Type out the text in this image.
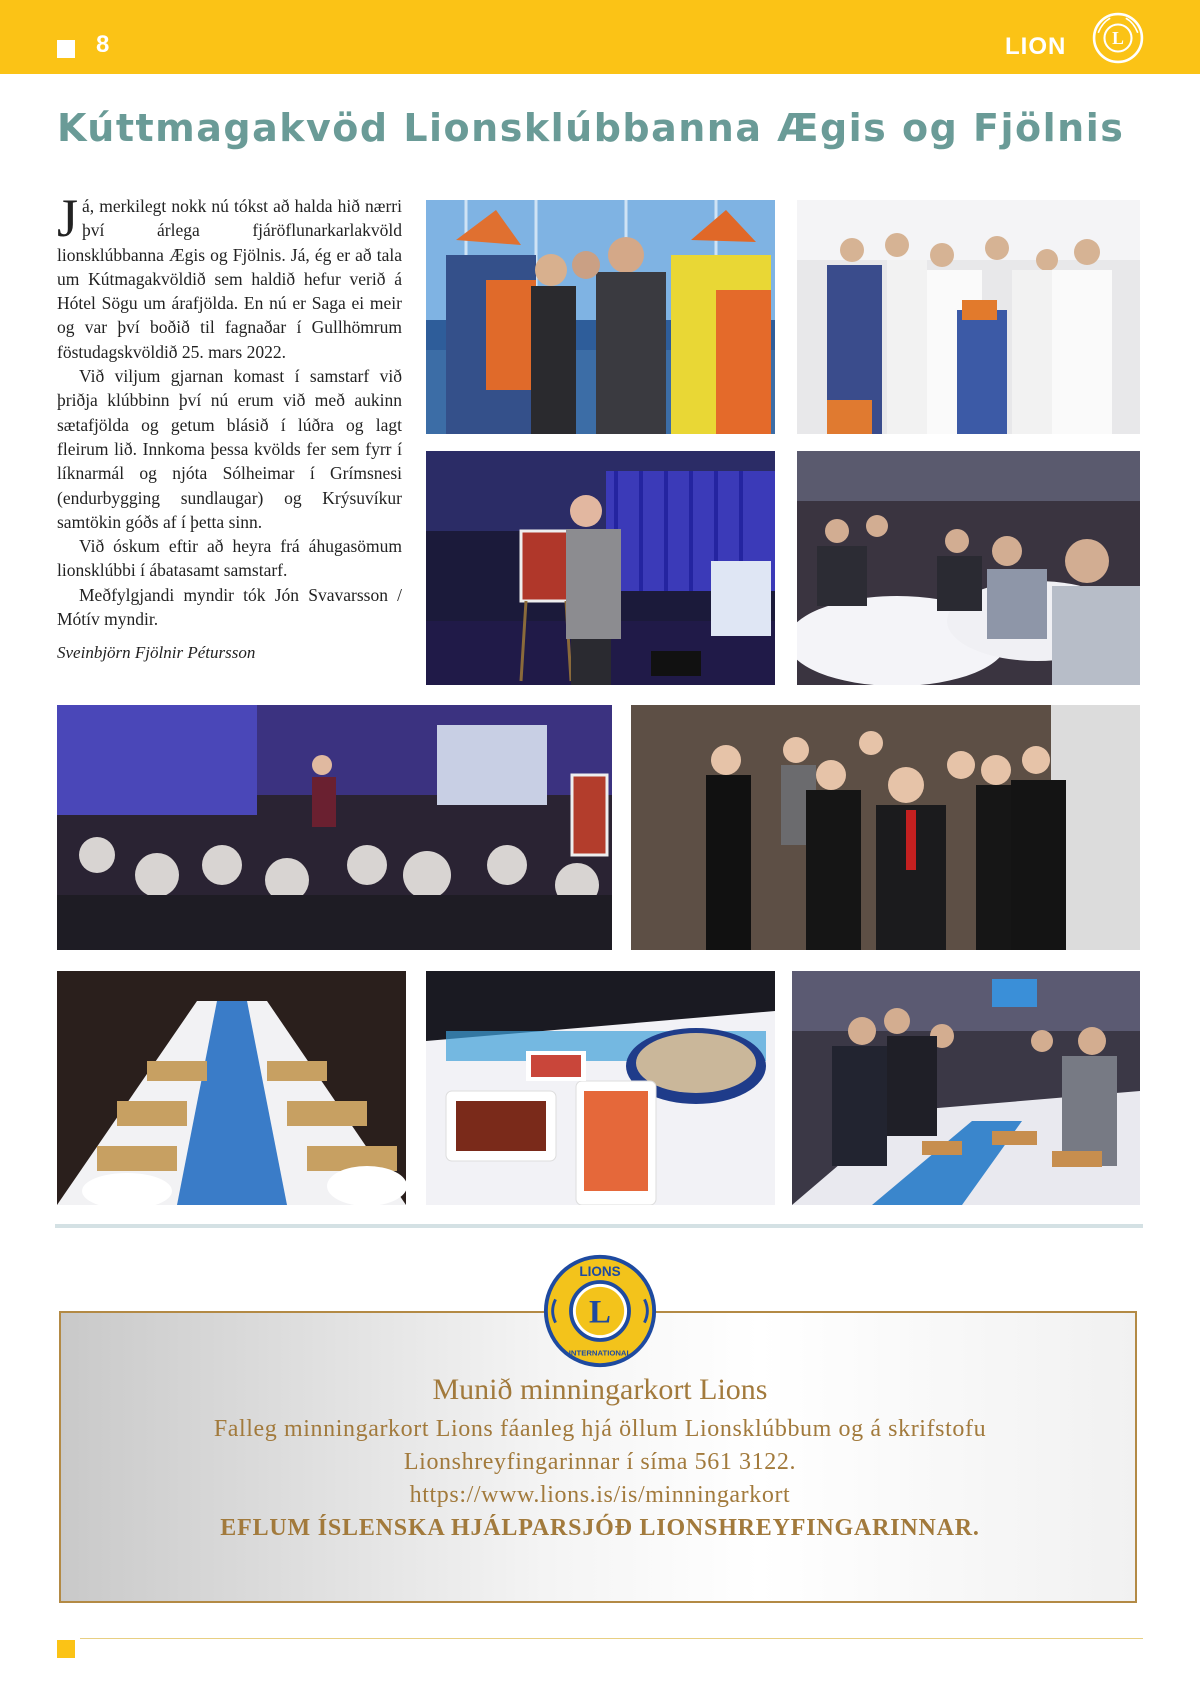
8	LION L
Kúttmagakvöd Lionsklúbbanna Ægis og Fjölnis

Já, merkilegt nokk nú tókst að halda hið nærri því árlega fjáröflunarkarlakvöld lionsklúbbanna Ægis og Fjölnis. Já, ég er að tala um Kútmagakvöldið sem haldið hefur verið á Hótel Sögu um árafjölda. En nú er Saga ei meir og var því boðið til fagnaðar í Gullhömrum föstudagskvöldið 25. mars 2022.

Við viljum gjarnan komast í samstarf við þriðja klúbbinn því nú erum við með aukinn sætafjölda og getum blásið í lúðra og lagt fleirum lið. Innkoma þessa kvölds fer sem fyrr í líknarmál og njóta Sólheimar í Grímsnesi (endurbygging sundlaugar) og Krýsuvíkur samtökin góðs af í þetta sinn.

Við óskum eftir að heyra frá áhugasömum lionsklúbbi í ábatasamt samstarf.

Meðfylgjandi myndir tók Jón Svavarsson / Mótív myndir.

Sveinbjörn Fjölnir Pétursson
L
LIONS
INTERNATIONAL
Munið minningarkort Lions
Falleg minningarkort Lions fáanleg hjá öllum Lionsklúbbum og á skrifstofu
Lionshreyfingarinnar í síma 561 3122.
https://www.lions.is/is/minningarkort
EFLUM ÍSLENSKA HJÁLPARSJÓÐ LIONSHREYFINGARINNAR.
